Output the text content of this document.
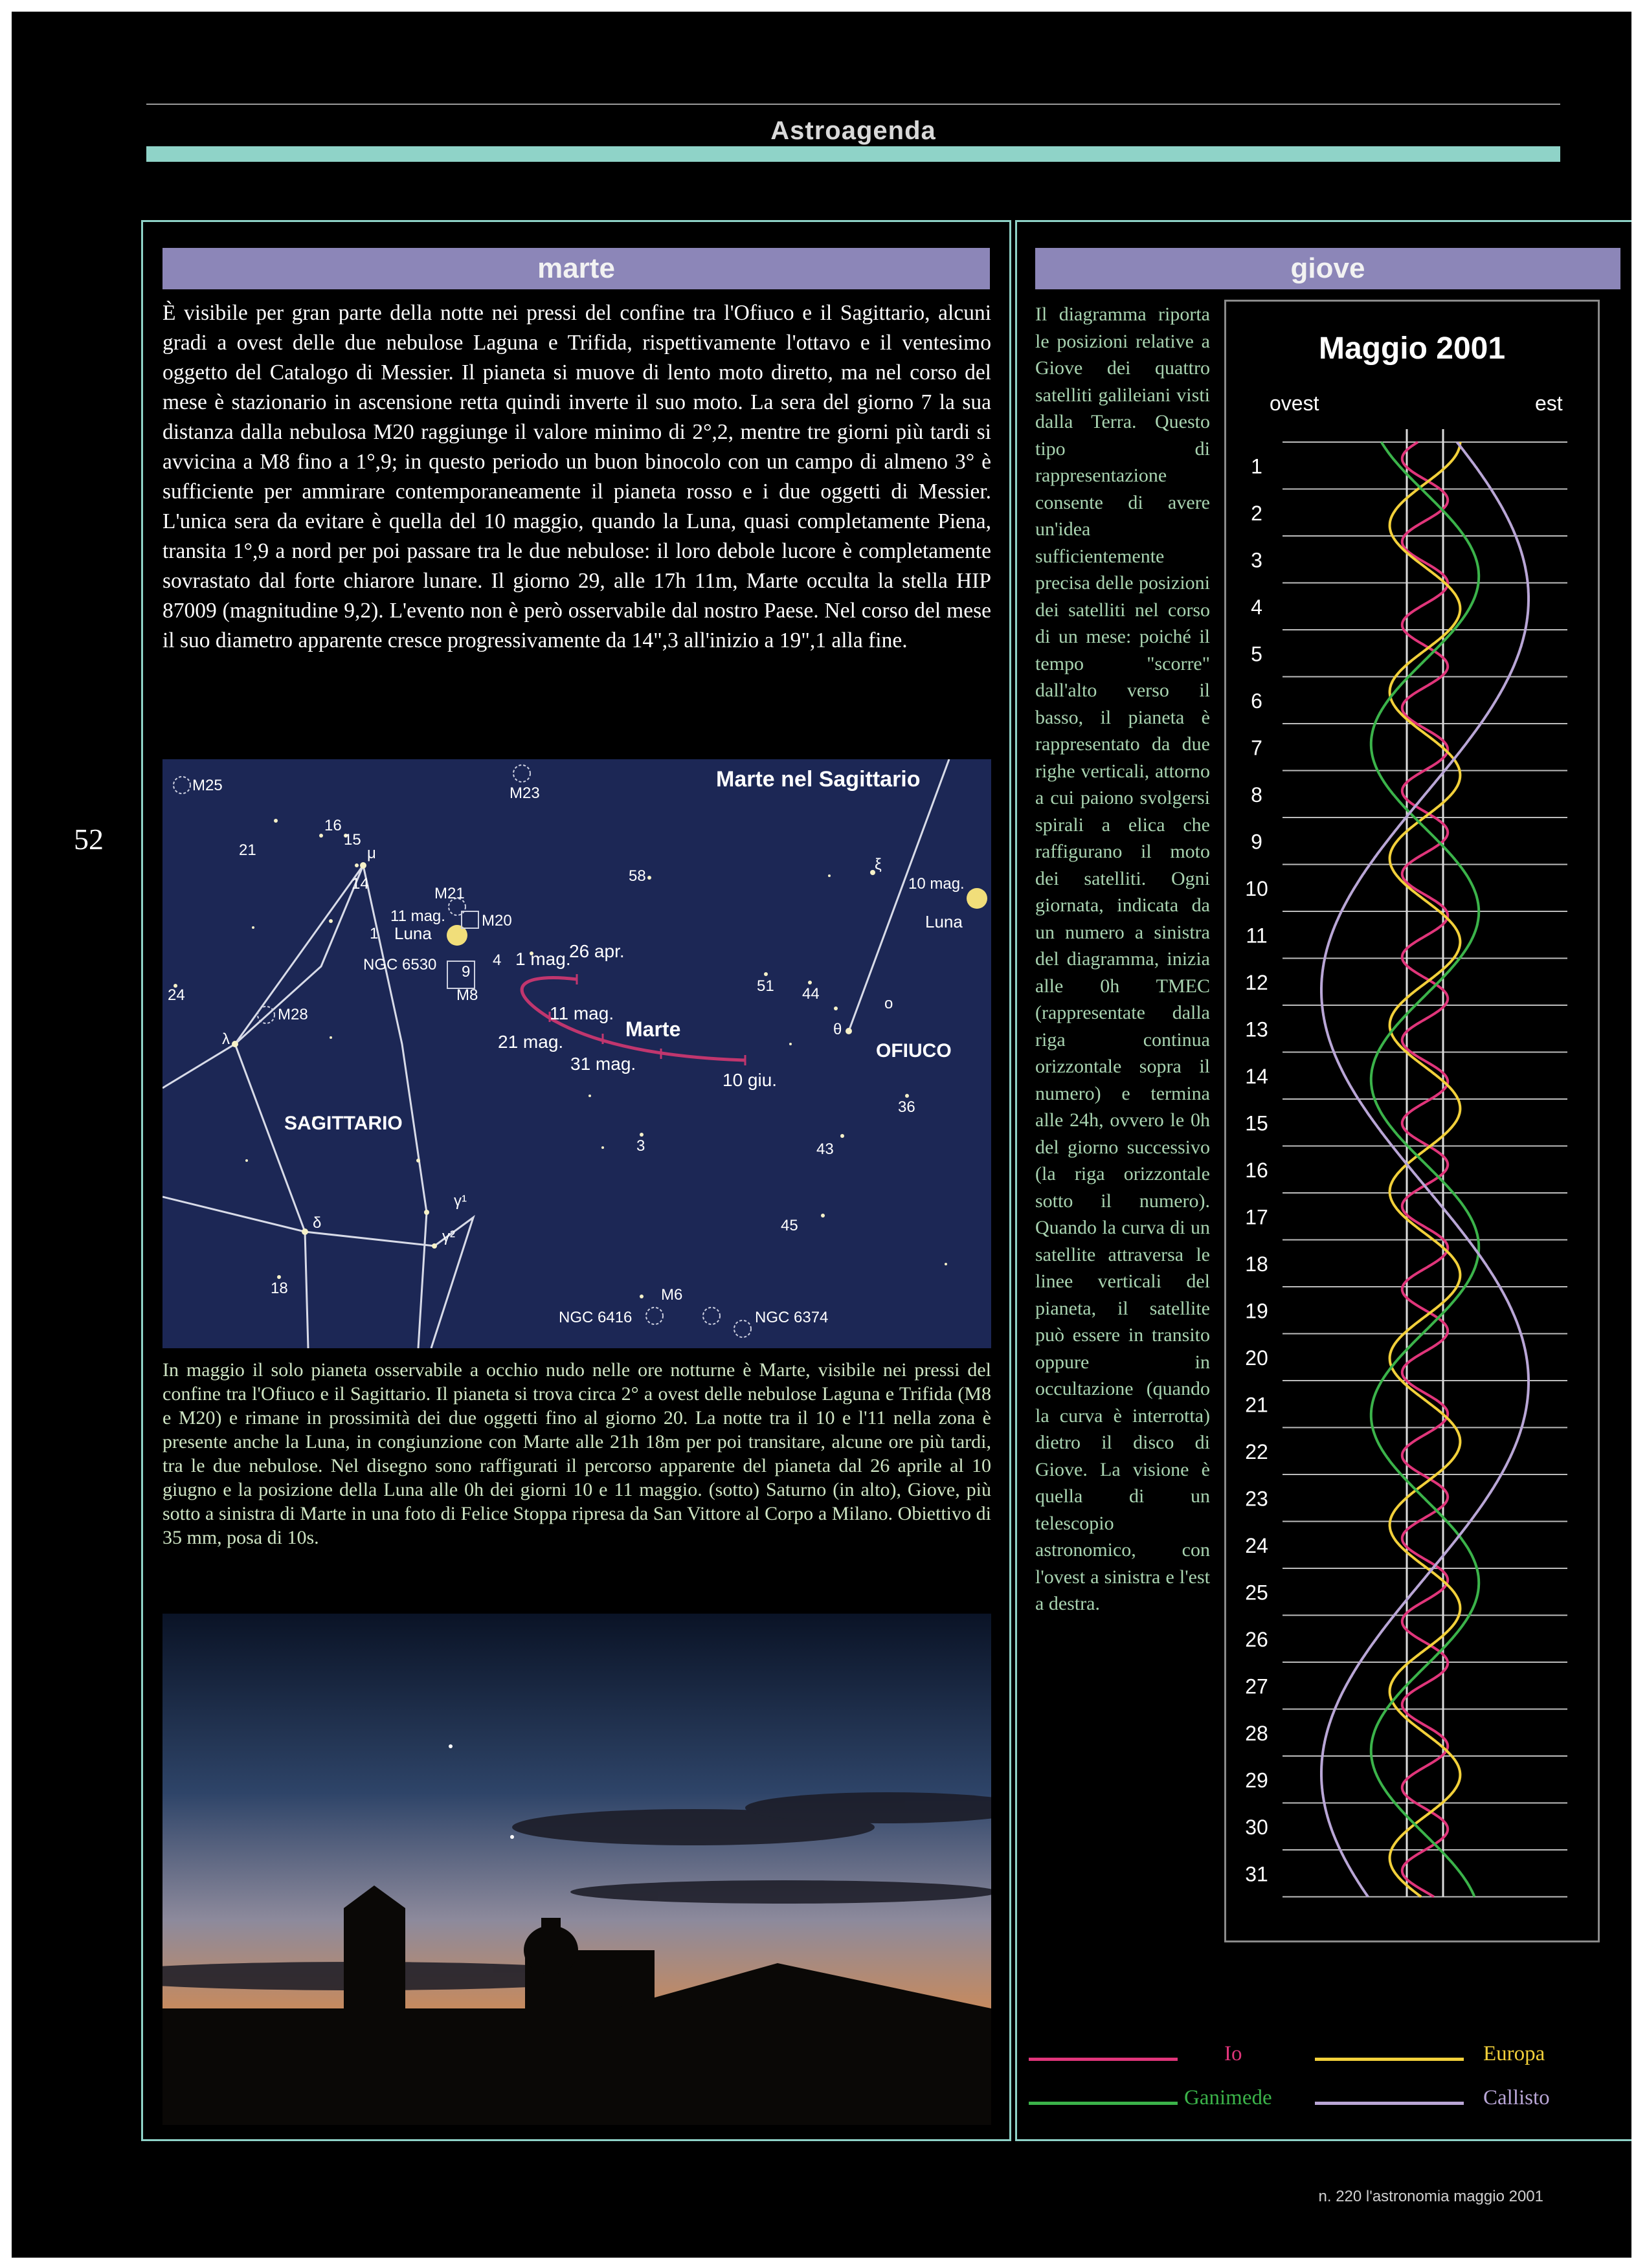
Astroagenda
52
marte
È visibile per gran parte della notte nei pressi del confine tra l'Ofiuco e il Sagittario, alcuni gradi a ovest delle due nebulose Laguna e Trifida, rispettivamente l'ottavo e il ventesimo oggetto del Catalogo di Messier. Il pianeta si muove di lento moto diretto, ma nel corso del mese è stazionario in ascensione retta quindi inverte il suo moto. La sera del giorno 7 la sua distanza dalla nebulosa M20 raggiunge il valore minimo di 2°,2, mentre tre giorni più tardi si avvicina a M8 fino a 1°,9; in questo periodo un buon binocolo con un campo di almeno 3° è sufficiente per ammirare contemporaneamente il pianeta rosso e i due oggetti di Messier. L'unica sera da evitare è quella del 10 maggio, quando la Luna, quasi completamente Piena, transita 1°,9 a nord per poi passare tra le due nebulose: il loro debole lucore è completamente sovrastato dal forte chiarore lunare. Il giorno 29, alle 17h 11m, Marte occulta la stella HIP 87009 (magnitudine 9,2). L'evento non è però osservabile dal nostro Paese. Nel corso del mese il suo diametro apparente cresce progressivamente da 14",3 all'inizio a 19",1 alla fine.
Marte nel Sagittario
M25	M23
M21
M20
M28
NGC 6530
M8
NGC 6416
M6
NGC 6374
SAGITTARIO
OFIUCO
Marte
Luna
Luna
26 apr.
1 mag.
11 mag.
21 mag.
31 mag.
10 giu.
11 mag.
10 mag.
16
15
21
14
24
58
51 44
43
3
36
45
18
1
4
9
μ
λ
δ
γ¹
γ²
θ
ξ
o
In maggio il solo pianeta osservabile a occhio nudo nelle ore notturne è Marte, visibile nei pressi del confine tra l'Ofiuco e il Sagittario. Il pianeta si trova circa 2° a ovest delle nebulose Laguna e Trifida (M8 e M20) e rimane in prossimità dei due oggetti fino al giorno 20. La notte tra il 10 e l'11 nella zona è presente anche la Luna, in congiunzione con Marte alle 21h 18m per poi transitare, alcune ore più tardi, tra le due nebulose. Nel disegno sono raffigurati il percorso apparente del pianeta dal 26 aprile al 10 giugno e la posizione della Luna alle 0h dei giorni 10 e 11 maggio. (sotto) Saturno (in alto), Giove, più sotto a sinistra di Marte in una foto di Felice Stoppa ripresa da San Vittore al Corpo a Milano. Obiettivo di 35 mm, posa di 10s.
giove
Il diagramma riporta le posizioni relative a Giove dei quattro satelliti galileiani visti dalla Terra. Questo tipo di rappresentazione consente di avere un'idea sufficientemente precisa delle posizioni dei satelliti nel corso di un mese: poiché il tempo "scorre" dall'alto verso il basso, il pianeta è rappresentato da due righe verticali, attorno a cui paiono svolgersi spirali a elica che raffigurano il moto dei satelliti. Ogni giornata, indicata da un numero a sinistra del diagramma, inizia alle 0h TMEC (rappresentate dalla riga continua orizzontale sopra il numero) e termina alle 24h, ovvero le 0h del giorno successivo (la riga orizzontale sotto il numero). Quando la curva di un satellite attraversa le linee verticali del pianeta, il satellite può essere in transito oppure in occultazione (quando la curva è interrotta) dietro il disco di Giove. La visione è quella di un telescopio astronomico, con l'ovest a sinistra e l'est a destra.
Maggio 2001
ovest	est
1
2
3
4
5
6
7
8
9
10
11
12
13
14
15
16
17
18
19
20
21
22
23
24
25
26
27
28
29
30
31
Io	Europa
Ganimede	Callisto
n. 220 l'astronomia maggio 2001
